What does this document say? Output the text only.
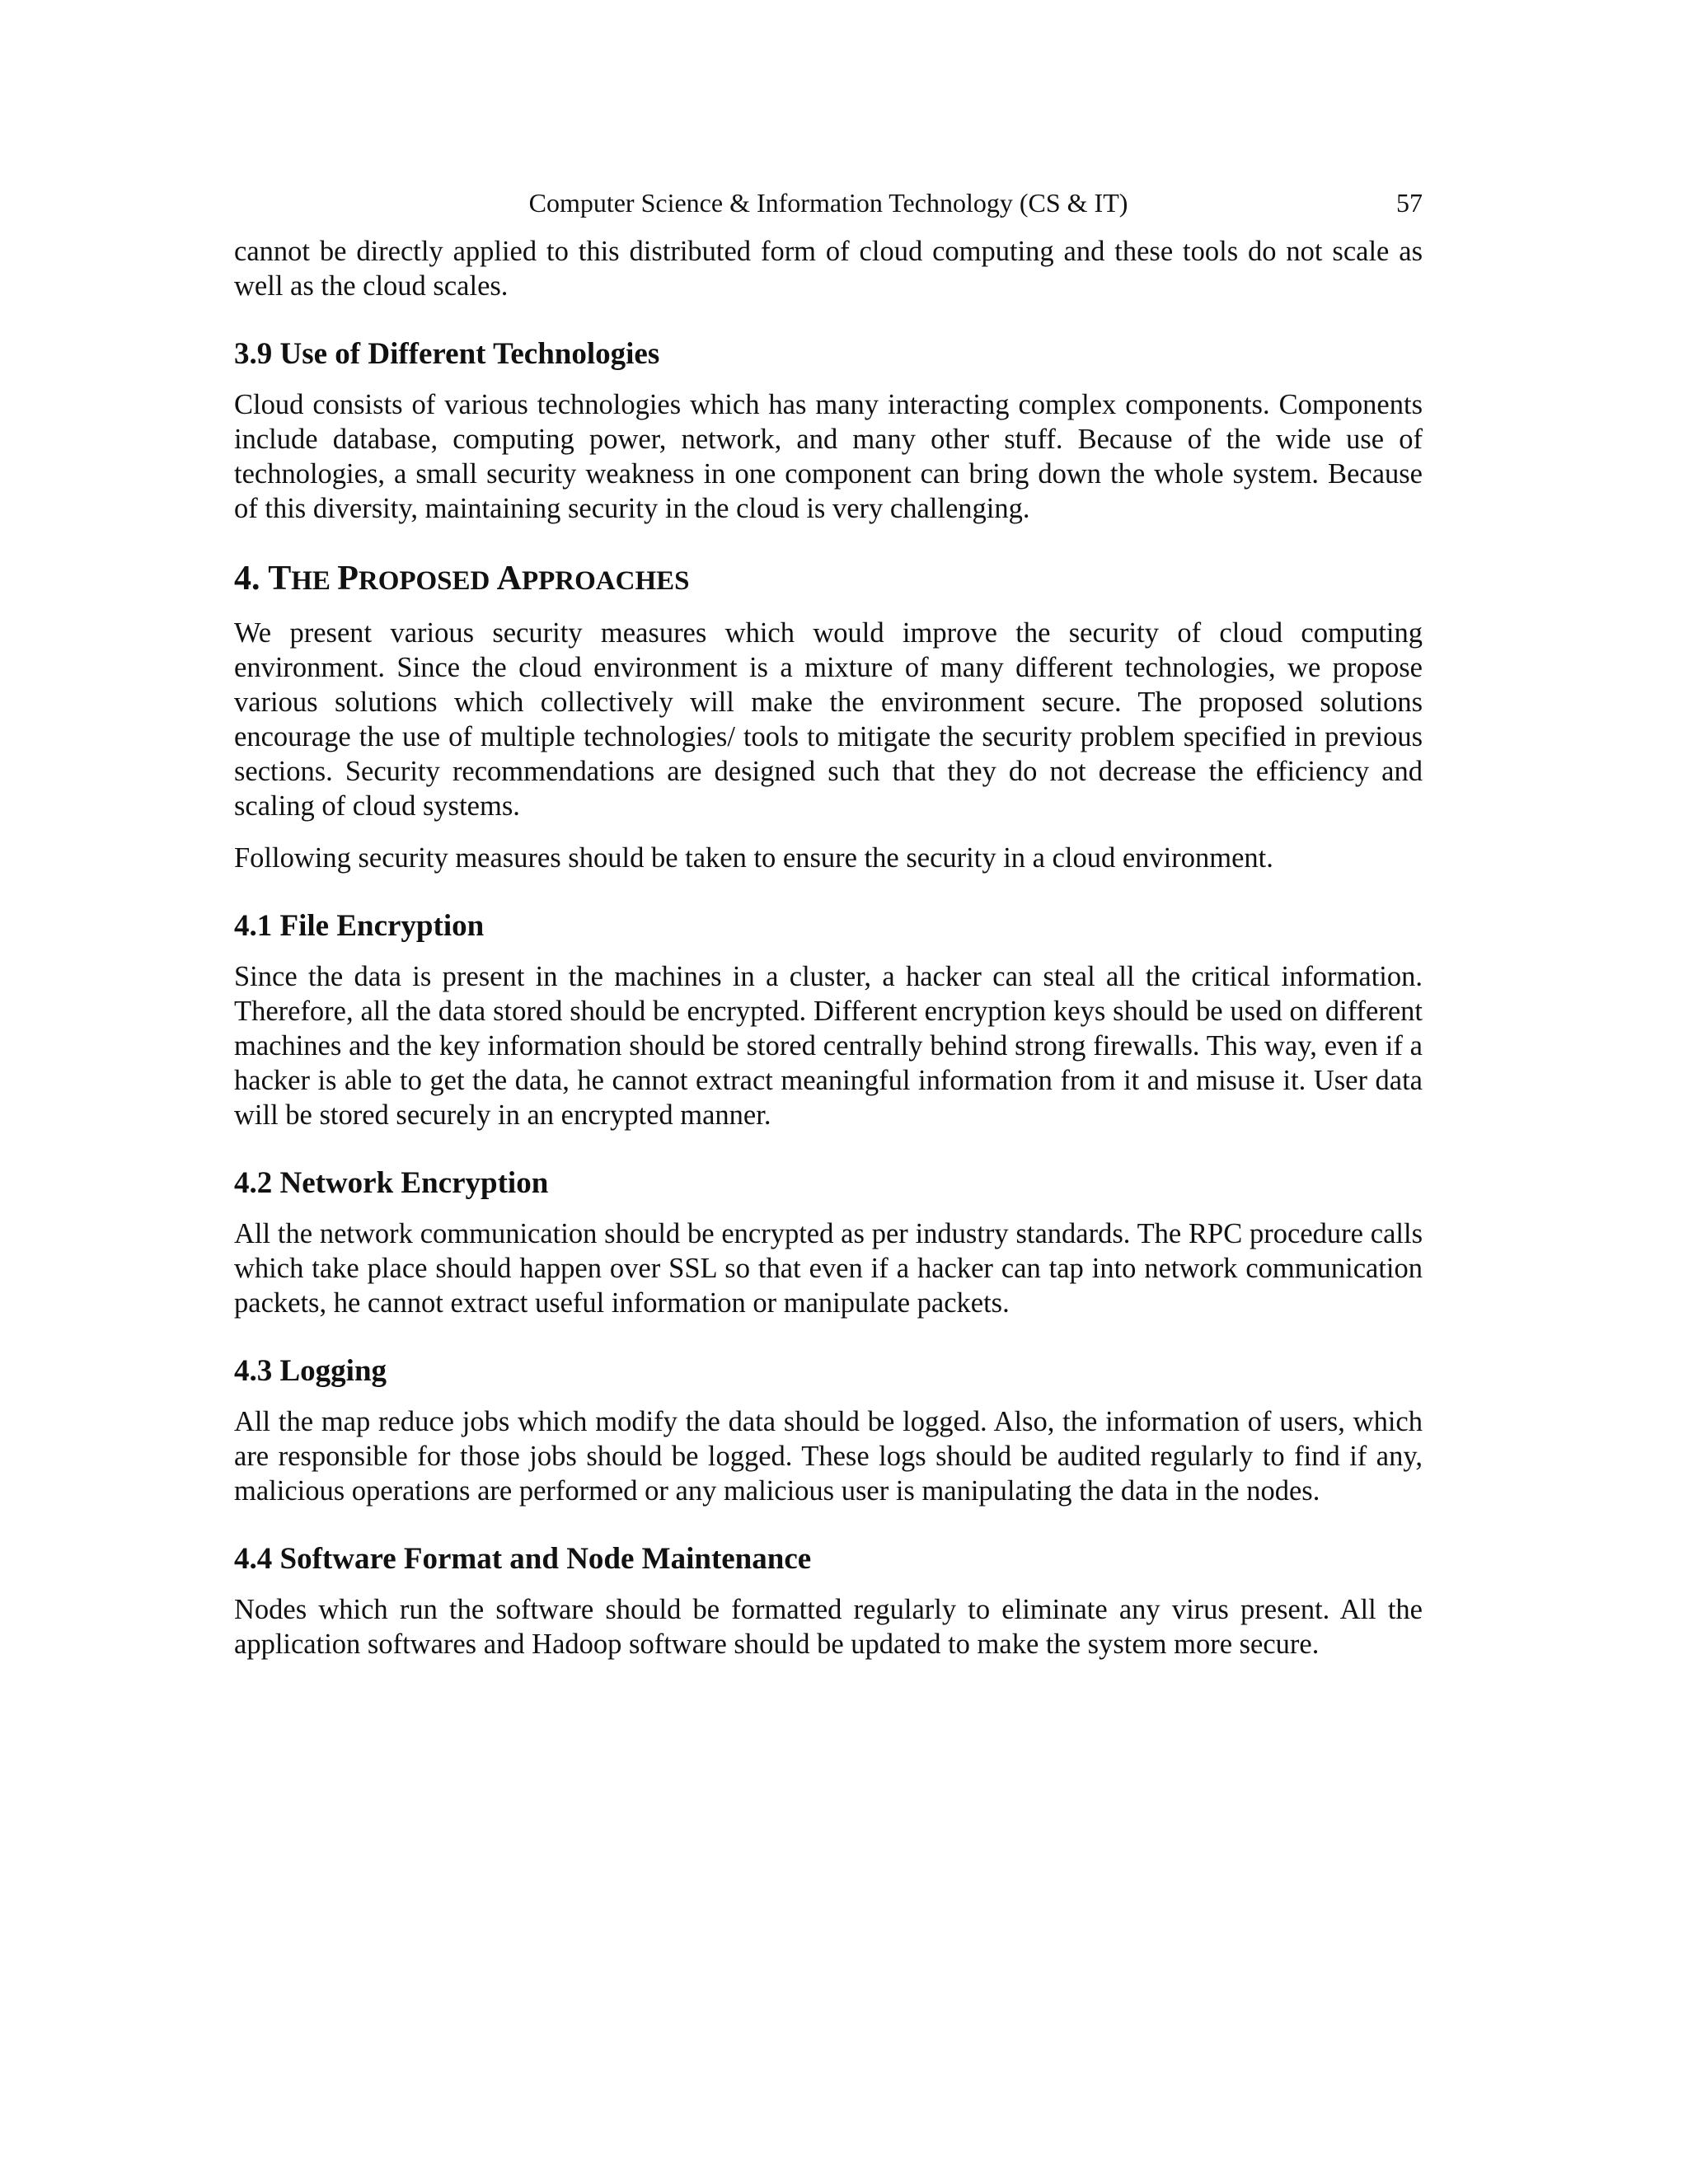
Computer Science & Information Technology (CS & IT)	57

cannot be directly applied to this distributed form of cloud computing and these tools do not scale as well as the cloud scales.

3.9 Use of Different Technologies

Cloud consists of various technologies which has many interacting complex components. Components include database, computing power, network, and many other stuff. Because of the wide use of technologies, a small security weakness in one component can bring down the whole system. Because of this diversity, maintaining security in the cloud is very challenging.

4. THE PROPOSED APPROACHES

We present various security measures which would improve the security of cloud computing environment. Since the cloud environment is a mixture of many different technologies, we propose various solutions which collectively will make the environment secure. The proposed solutions encourage the use of multiple technologies/ tools to mitigate the security problem specified in previous sections. Security recommendations are designed such that they do not decrease the efficiency and scaling of cloud systems.

Following security measures should be taken to ensure the security in a cloud environment.

4.1 File Encryption

Since the data is present in the machines in a cluster, a hacker can steal all the critical information. Therefore, all the data stored should be encrypted. Different encryption keys should be used on different machines and the key information should be stored centrally behind strong firewalls. This way, even if a hacker is able to get the data, he cannot extract meaningful information from it and misuse it. User data will be stored securely in an encrypted manner.

4.2 Network Encryption

All the network communication should be encrypted as per industry standards. The RPC procedure calls which take place should happen over SSL so that even if a hacker can tap into network communication packets, he cannot extract useful information or manipulate packets.

4.3 Logging

All the map reduce jobs which modify the data should be logged. Also, the information of users, which are responsible for those jobs should be logged. These logs should be audited regularly to find if any, malicious operations are performed or any malicious user is manipulating the data in the nodes.

4.4 Software Format and Node Maintenance

Nodes which run the software should be formatted regularly to eliminate any virus present. All the application softwares and Hadoop software should be updated to make the system more secure.
